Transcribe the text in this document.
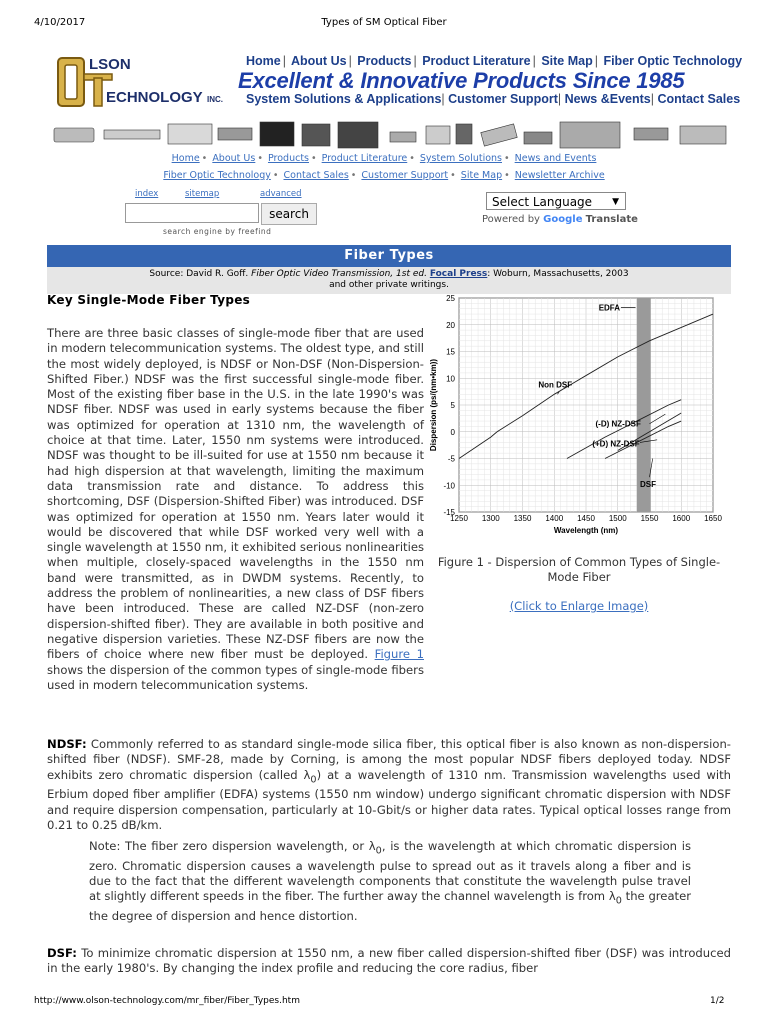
4/10/2017	Types of SM Optical Fiber
LSON
ECHNOLOGY INC.
Home | About Us | Products | Product Literature | Site Map | Fiber Optic Technology
Excellent & Innovative Products Since 1985
System Solutions & Applications| Customer Support| News &Events| Contact Sales
Home • About Us • Products • Product Literature • System Solutions • News and Events
Fiber Optic Technology • Contact Sales • Customer Support • Site Map • Newsletter Archive
index	sitemap	advanced
search
search engine by freefind
Select Language ▼
Powered by Google Translate
Fiber Types
Source: David R. Goff. Fiber Optic Video Transmission, 1st ed. Focal Press: Woburn, Massachusetts, 2003
and other private writings.
Key Single-Mode Fiber Types
There are three basic classes of single-mode fiber that are used in modern telecommunication systems. The oldest type, and still the most widely deployed, is NDSF or Non-DSF (Non-Dispersion-Shifted Fiber.) NDSF was the first successful single-mode fiber. Most of the existing fiber base in the U.S. in the late 1990's was NDSF fiber. NDSF was used in early systems because the fiber was optimized for operation at 1310 nm, the wavelength of choice at that time. Later, 1550 nm systems were introduced. NDSF was thought to be ill-suited for use at 1550 nm because it had high dispersion at that wavelength, limiting the maximum data transmission rate and distance. To address this shortcoming, DSF (Dispersion-Shifted Fiber) was introduced. DSF was optimized for operation at 1550 nm. Years later would it would be discovered that while DSF worked very well with a single wavelength at 1550 nm, it exhibited serious nonlinearities when multiple, closely-spaced wavelengths in the 1550 nm band were transmitted, as in DWDM systems. Recently, to address the problem of nonlinearities, a new class of DSF fibers have been introduced. These are called NZ-DSF (non-zero dispersion-shifted fiber). They are available in both positive and negative dispersion varieties. These NZ-DSF fibers are now the fibers of choice where new fiber must be deployed. Figure 1 shows the dispersion of the common types of single-mode fibers used in modern telecommunication systems.
EDFA
1250 1300 1350 1400 1450 1500 1550 1600 1650
25
20
15
10
5
0
-5
-10
-15
Wavelength (nm)
Dispersion (ps/(nm•km))	Non DSF
(-D) NZ-DSF
(+D) NZ-DSF
DSF
Figure 1 - Dispersion of Common Types of Single-Mode Fiber
(Click to Enlarge Image)
NDSF: Commonly referred to as standard single-mode silica fiber, this optical fiber is also known as non-dispersion-shifted fiber (NDSF). SMF-28, made by Corning, is among the most popular NDSF fibers deployed today. NDSF exhibits zero chromatic dispersion (called $\lambda_0$) at a wavelength of 1310 nm. Transmission wavelengths used with Erbium doped fiber amplifier (EDFA) systems (1550 nm window) undergo significant chromatic dispersion with NDSF and require dispersion compensation, particularly at 10-Gbit/s or higher data rates. Typical optical losses range from 0.21 to 0.25 dB/km.
Note: The fiber zero dispersion wavelength, or $\lambda_0$, is the wavelength at which chromatic dispersion is zero. Chromatic dispersion causes a wavelength pulse to spread out as it travels along a fiber and is due to the fact that the different wavelength components that constitute the wavelength pulse travel at slightly different speeds in the fiber. The further away the channel wavelength is from $\lambda_0$ the greater the degree of dispersion and hence distortion.
DSF: To minimize chromatic dispersion at 1550 nm, a new fiber called dispersion-shifted fiber (DSF) was introduced in the early 1980's. By changing the index profile and reducing the core radius, fiber
http://www.olson-technology.com/mr_fiber/Fiber_Types.htm	1/2
